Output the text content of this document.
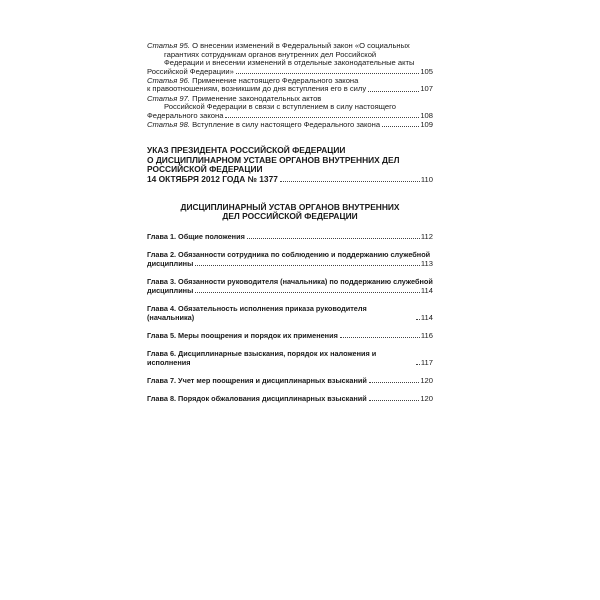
Статья 95. О внесении изменений в Федеральный закон «О социальных
гарантиях сотрудникам органов внутренних дел Российской
Федерации и внесении изменений в отдельные законодательные акты
Российской Федерации»	105
Статья 96. Применение настоящего Федерального закона
к правоотношениям, возникшим до дня вступления его в силу	107
Статья 97. Применение законодательных актов
Российской Федерации в связи с вступлением в силу настоящего
Федерального закона	108
Статья 98. Вступление в силу настоящего Федерального закона	109
УКАЗ ПРЕЗИДЕНТА РОССИЙСКОЙ ФЕДЕРАЦИИ
О ДИСЦИПЛИНАРНОМ УСТАВЕ ОРГАНОВ ВНУТРЕННИХ ДЕЛ
РОССИЙСКОЙ ФЕДЕРАЦИИ
14 ОКТЯБРЯ 2012 ГОДА № 1377	110
ДИСЦИПЛИНАРНЫЙ УСТАВ ОРГАНОВ ВНУТРЕННИХ ДЕЛ РОССИЙСКОЙ ФЕДЕРАЦИИ
Глава 1. Общие положения	112
Глава 2. Обязанности сотрудника по соблюдению и поддержанию служебной
дисциплины	113
Глава 3. Обязанности руководителя (начальника) по поддержанию служебной
дисциплины	114
Глава 4. Обязательность исполнения приказа руководителя (начальника)	114
Глава 5. Меры поощрения и порядок их применения	116
Глава 6. Дисциплинарные взыскания, порядок их наложения и исполнения	117
Глава 7. Учет мер поощрения и дисциплинарных взысканий	120
Глава 8. Порядок обжалования дисциплинарных взысканий	120
